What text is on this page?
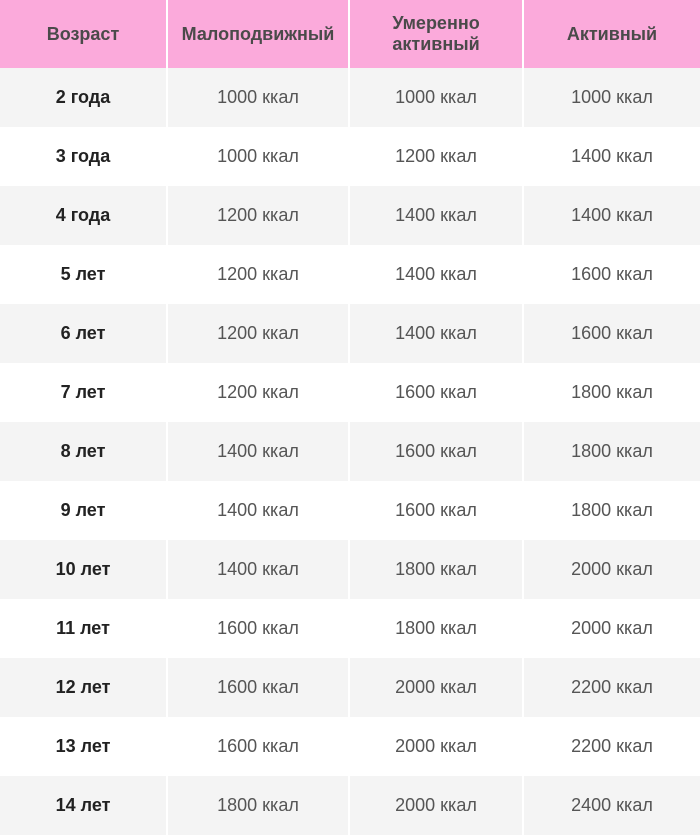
Возраст	Малоподвижный	Умеренно активный	Активный
2 года	1000 ккал	1000 ккал	1000 ккал
3 года	1000 ккал	1200 ккал	1400 ккал
4 года	1200 ккал	1400 ккал	1400 ккал
5 лет	1200 ккал	1400 ккал	1600 ккал
6 лет	1200 ккал	1400 ккал	1600 ккал
7 лет	1200 ккал	1600 ккал	1800 ккал
8 лет	1400 ккал	1600 ккал	1800 ккал
9 лет	1400 ккал	1600 ккал	1800 ккал
10 лет	1400 ккал	1800 ккал	2000 ккал
11 лет	1600 ккал	1800 ккал	2000 ккал
12 лет	1600 ккал	2000 ккал	2200 ккал
13 лет	1600 ккал	2000 ккал	2200 ккал
14 лет	1800 ккал	2000 ккал	2400 ккал
